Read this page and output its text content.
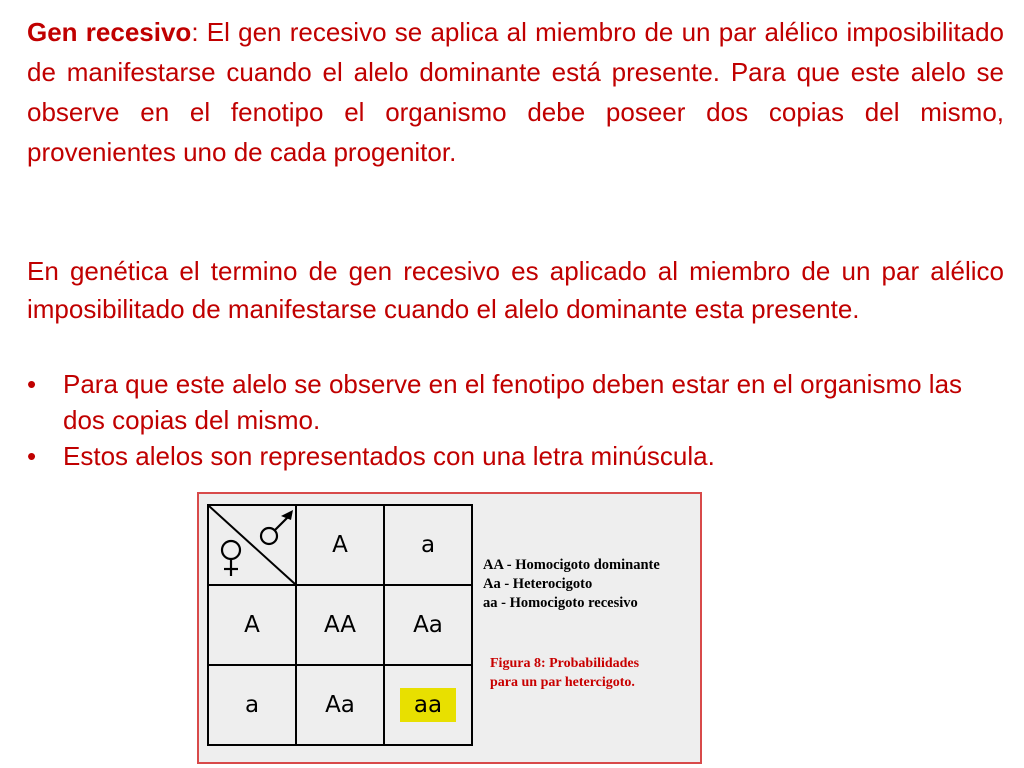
Gen recesivo: El gen recesivo se aplica al miembro de un par alélico imposibilitado de manifestarse cuando el alelo dominante está presente. Para que este alelo se observe en el fenotipo el organismo debe poseer dos copias del mismo, provenientes uno de cada progenitor.

En genética el termino de gen recesivo es aplicado al miembro de un par alélico imposibilitado de manifestarse cuando el alelo dominante esta presente.

• Para que este alelo se observe en el fenotipo deben estar en el organismo las dos copias del mismo.
• Estos alelos son representados con una letra minúscula.
	A	a
A	AA	Aa
a	Aa	aa
AA - Homocigoto dominante
Aa - Heterocigoto
aa - Homocigoto recesivo
Figura 8: Probabilidades
para un par hetercigoto.
